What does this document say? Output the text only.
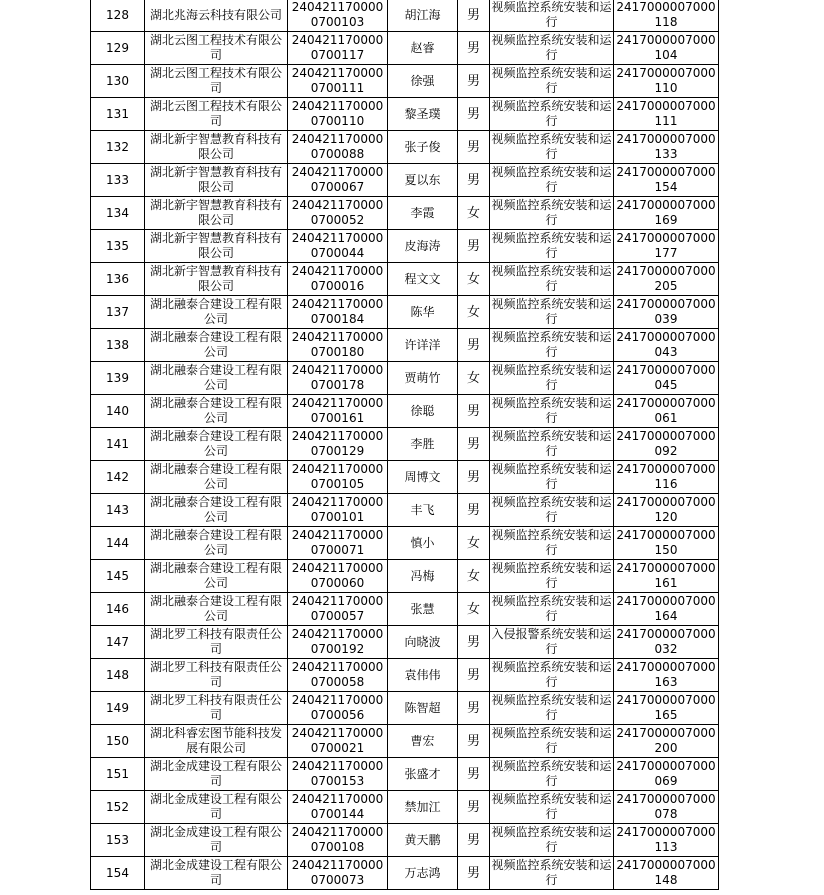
128	湖北兆海云科技有限公司	2404211700000700103	胡江海	男	视频监控系统安装和运行	2417000007000118
129	湖北云图工程技术有限公司	2404211700000700117	赵睿	男	视频监控系统安装和运行	2417000007000104
130	湖北云图工程技术有限公司	2404211700000700111	徐强	男	视频监控系统安装和运行	2417000007000110
131	湖北云图工程技术有限公司	2404211700000700110	黎圣璞	男	视频监控系统安装和运行	2417000007000111
132	湖北新宇智慧教育科技有限公司	2404211700000700088	张子俊	男	视频监控系统安装和运行	2417000007000133
133	湖北新宇智慧教育科技有限公司	2404211700000700067	夏以东	男	视频监控系统安装和运行	2417000007000154
134	湖北新宇智慧教育科技有限公司	2404211700000700052	李霞	女	视频监控系统安装和运行	2417000007000169
135	湖北新宇智慧教育科技有限公司	2404211700000700044	皮海涛	男	视频监控系统安装和运行	2417000007000177
136	湖北新宇智慧教育科技有限公司	2404211700000700016	程文文	女	视频监控系统安装和运行	2417000007000205
137	湖北融泰合建设工程有限公司	2404211700000700184	陈华	女	视频监控系统安装和运行	2417000007000039
138	湖北融泰合建设工程有限公司	2404211700000700180	许详洋	男	视频监控系统安装和运行	2417000007000043
139	湖北融泰合建设工程有限公司	2404211700000700178	贾萌竹	女	视频监控系统安装和运行	2417000007000045
140	湖北融泰合建设工程有限公司	2404211700000700161	徐聪	男	视频监控系统安装和运行	2417000007000061
141	湖北融泰合建设工程有限公司	2404211700000700129	李胜	男	视频监控系统安装和运行	2417000007000092
142	湖北融泰合建设工程有限公司	2404211700000700105	周博文	男	视频监控系统安装和运行	2417000007000116
143	湖北融泰合建设工程有限公司	2404211700000700101	丰飞	男	视频监控系统安装和运行	2417000007000120
144	湖北融泰合建设工程有限公司	2404211700000700071	慎小	女	视频监控系统安装和运行	2417000007000150
145	湖北融泰合建设工程有限公司	2404211700000700060	冯梅	女	视频监控系统安装和运行	2417000007000161
146	湖北融泰合建设工程有限公司	2404211700000700057	张慧	女	视频监控系统安装和运行	2417000007000164
147	湖北罗工科技有限责任公司	2404211700000700192	向晓波	男	入侵报警系统安装和运行	2417000007000032
148	湖北罗工科技有限责任公司	2404211700000700058	袁伟伟	男	视频监控系统安装和运行	2417000007000163
149	湖北罗工科技有限责任公司	2404211700000700056	陈智超	男	视频监控系统安装和运行	2417000007000165
150	湖北科睿宏图节能科技发展有限公司	2404211700000700021	曹宏	男	视频监控系统安装和运行	2417000007000200
151	湖北金成建设工程有限公司	2404211700000700153	张盛才	男	视频监控系统安装和运行	2417000007000069
152	湖北金成建设工程有限公司	2404211700000700144	禁加江	男	视频监控系统安装和运行	2417000007000078
153	湖北金成建设工程有限公司	2404211700000700108	黄天鹏	男	视频监控系统安装和运行	2417000007000113
154	湖北金成建设工程有限公司	2404211700000700073	万志鸿	男	视频监控系统安装和运行	2417000007000148
